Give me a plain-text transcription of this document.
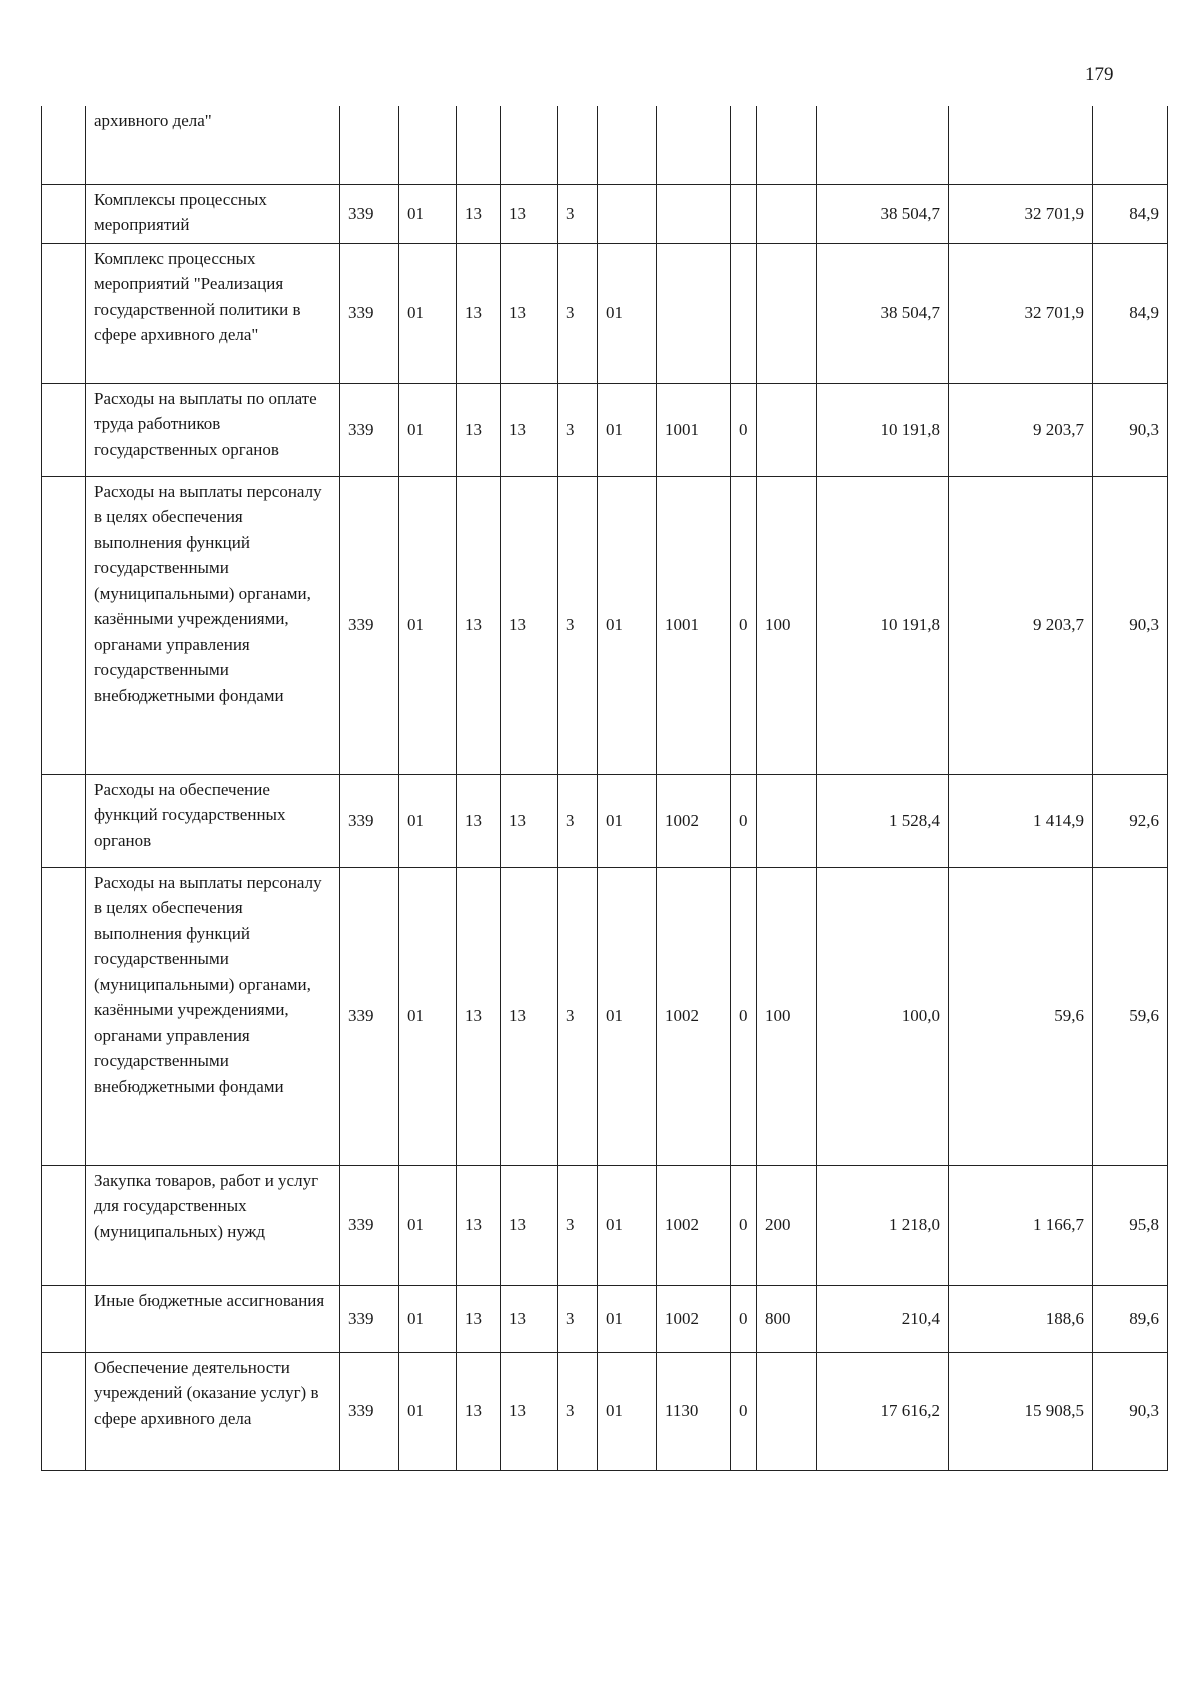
179
	архивного дела"												
	Комплексы процессных мероприятий	339	01	13	13	3					38 504,7	32 701,9	84,9
	Комплекс процессных мероприятий "Реализация государственной политики в сфере архивного дела"	339	01	13	13	3	01				38 504,7	32 701,9	84,9
	Расходы на выплаты по оплате труда работников государственных органов	339	01	13	13	3	01	1001	0		10 191,8	9 203,7	90,3
	Расходы на выплаты персоналу в целях обеспечения выполнения функций государственными (муниципальными) органами, казёнными учреждениями, органами управления государственными внебюджетными фондами	339	01	13	13	3	01	1001	0	100	10 191,8	9 203,7	90,3
	Расходы на обеспечение функций государственных органов	339	01	13	13	3	01	1002	0		1 528,4	1 414,9	92,6
	Расходы на выплаты персоналу в целях обеспечения выполнения функций государственными (муниципальными) органами, казёнными учреждениями, органами управления государственными внебюджетными фондами	339	01	13	13	3	01	1002	0	100	100,0	59,6	59,6
	Закупка товаров, работ и услуг для государственных (муниципальных) нужд	339	01	13	13	3	01	1002	0	200	1 218,0	1 166,7	95,8
	Иные бюджетные ассигнования	339	01	13	13	3	01	1002	0	800	210,4	188,6	89,6
	Обеспечение деятельности учреждений (оказание услуг) в сфере архивного дела	339	01	13	13	3	01	1130	0		17 616,2	15 908,5	90,3
